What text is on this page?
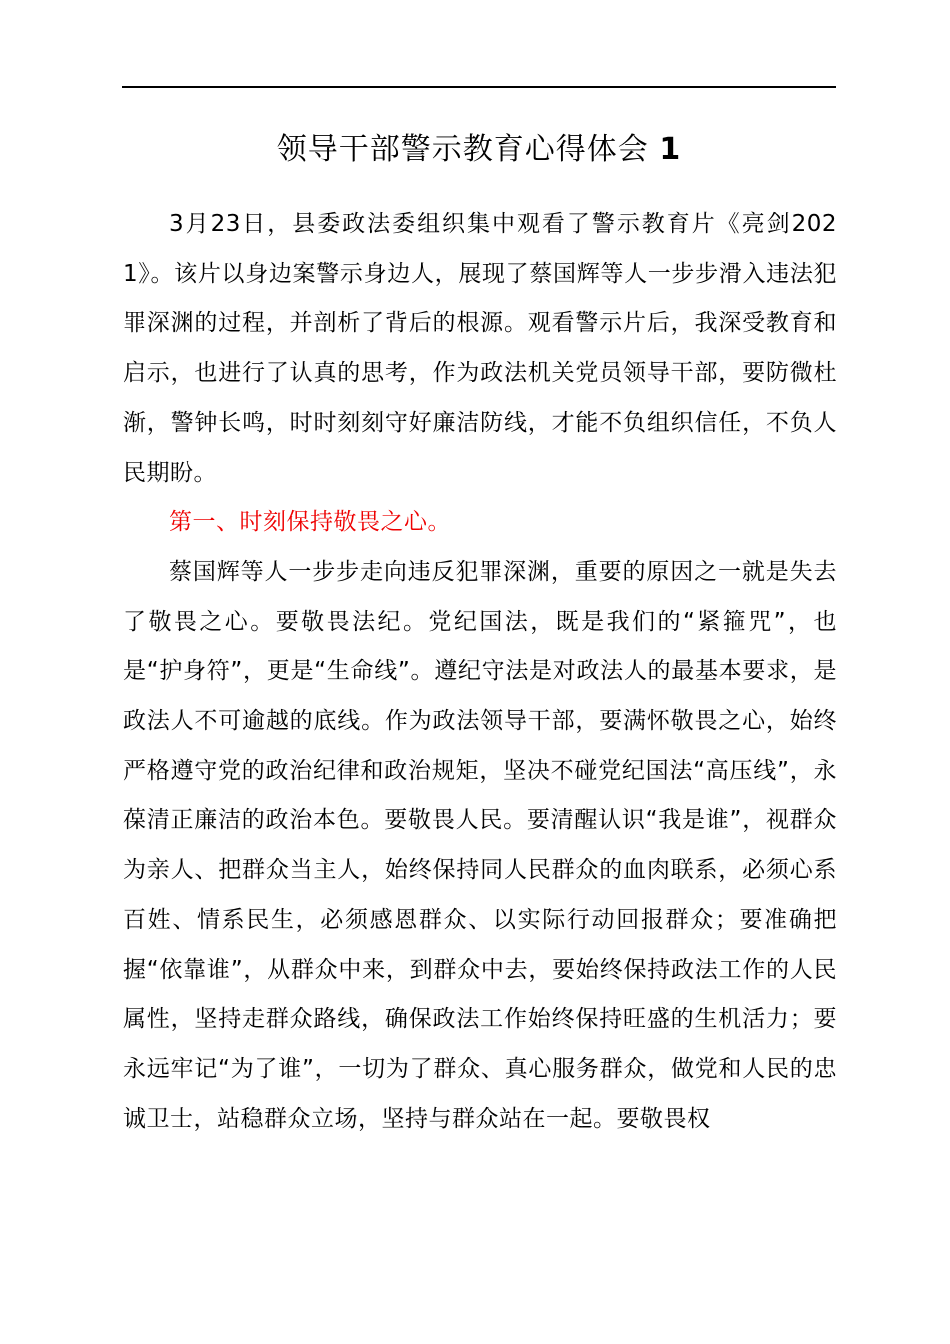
领导干部警示教育心得体会 1

3月23日，县委政法委组织集中观看了警示教育片《亮剑2021》。该片以身边案警示身边人，展现了蔡国辉等人一步步滑入违法犯罪深渊的过程，并剖析了背后的根源。观看警示片后，我深受教育和启示，也进行了认真的思考，作为政法机关党员领导干部，要防微杜渐，警钟长鸣，时时刻刻守好廉洁防线，才能不负组织信任，不负人民期盼。

第一、时刻保持敬畏之心。

蔡国辉等人一步步走向违反犯罪深渊，重要的原因之一就是失去了敬畏之心。要敬畏法纪。党纪国法，既是我们的“紧箍咒”，也是“护身符”，更是“生命线”。遵纪守法是对政法人的最基本要求，是政法人不可逾越的底线。作为政法领导干部，要满怀敬畏之心，始终严格遵守党的政治纪律和政治规矩，坚决不碰党纪国法“高压线”，永葆清正廉洁的政治本色。要敬畏人民。要清醒认识“我是谁”，视群众为亲人、把群众当主人，始终保持同人民群众的血肉联系，必须心系百姓、情系民生，必须感恩群众、以实际行动回报群众；要准确把握“依靠谁”，从群众中来，到群众中去，要始终保持政法工作的人民属性，坚持走群众路线，确保政法工作始终保持旺盛的生机活力；要永远牢记“为了谁”，一切为了群众、真心服务群众，做党和人民的忠诚卫士，站稳群众立场，坚持与群众站在一起。要敬畏权
